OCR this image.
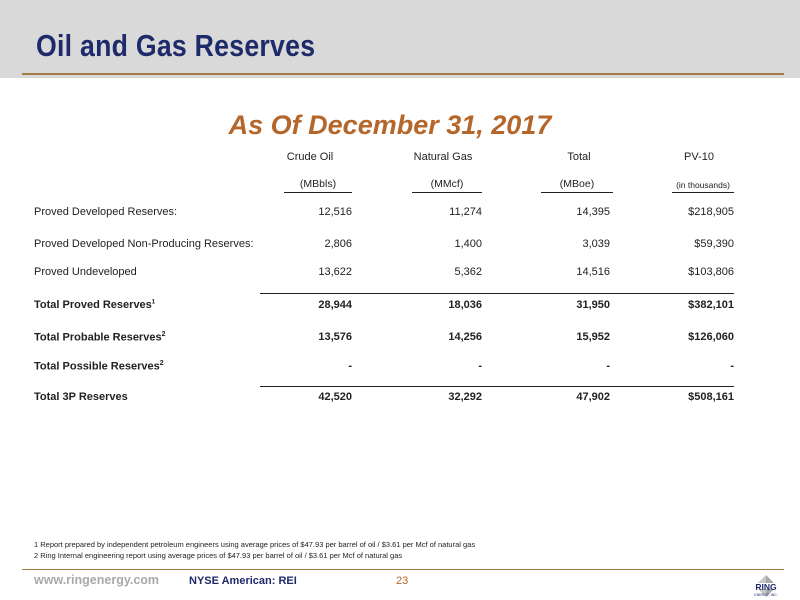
Oil and Gas Reserves
As Of December 31, 2017
Crude Oil	Natural Gas	Total	PV-10
(MBbls)	(MMcf)	(MBoe)	(in thousands)
Proved Developed Reserves:	12,516	11,274	14,395	$218,905
Proved Developed Non-Producing Reserves:	2,806	1,400	3,039	$59,390
Proved Undeveloped	13,622	5,362	14,516	$103,806
Total Proved Reserves$^1$	28,944	18,036	31,950	$382,101
Total Probable Reserves$^2$	13,576	14,256	15,952	$126,060
Total Possible Reserves$^2$	-	-	-	-
Total 3P Reserves	42,520	32,292	47,902	$508,161
1 Report prepared by independent petroleum engineers using average prices of $47.93 per barrel of oil / $3.61 per Mcf of natural gas
2 Ring Internal engineering report using average prices of $47.93 per barrel of oil / $3.61 per Mcf of natural gas
www.ringenergy.com	NYSE American: REI	23	RING
ENERGY, INC.
